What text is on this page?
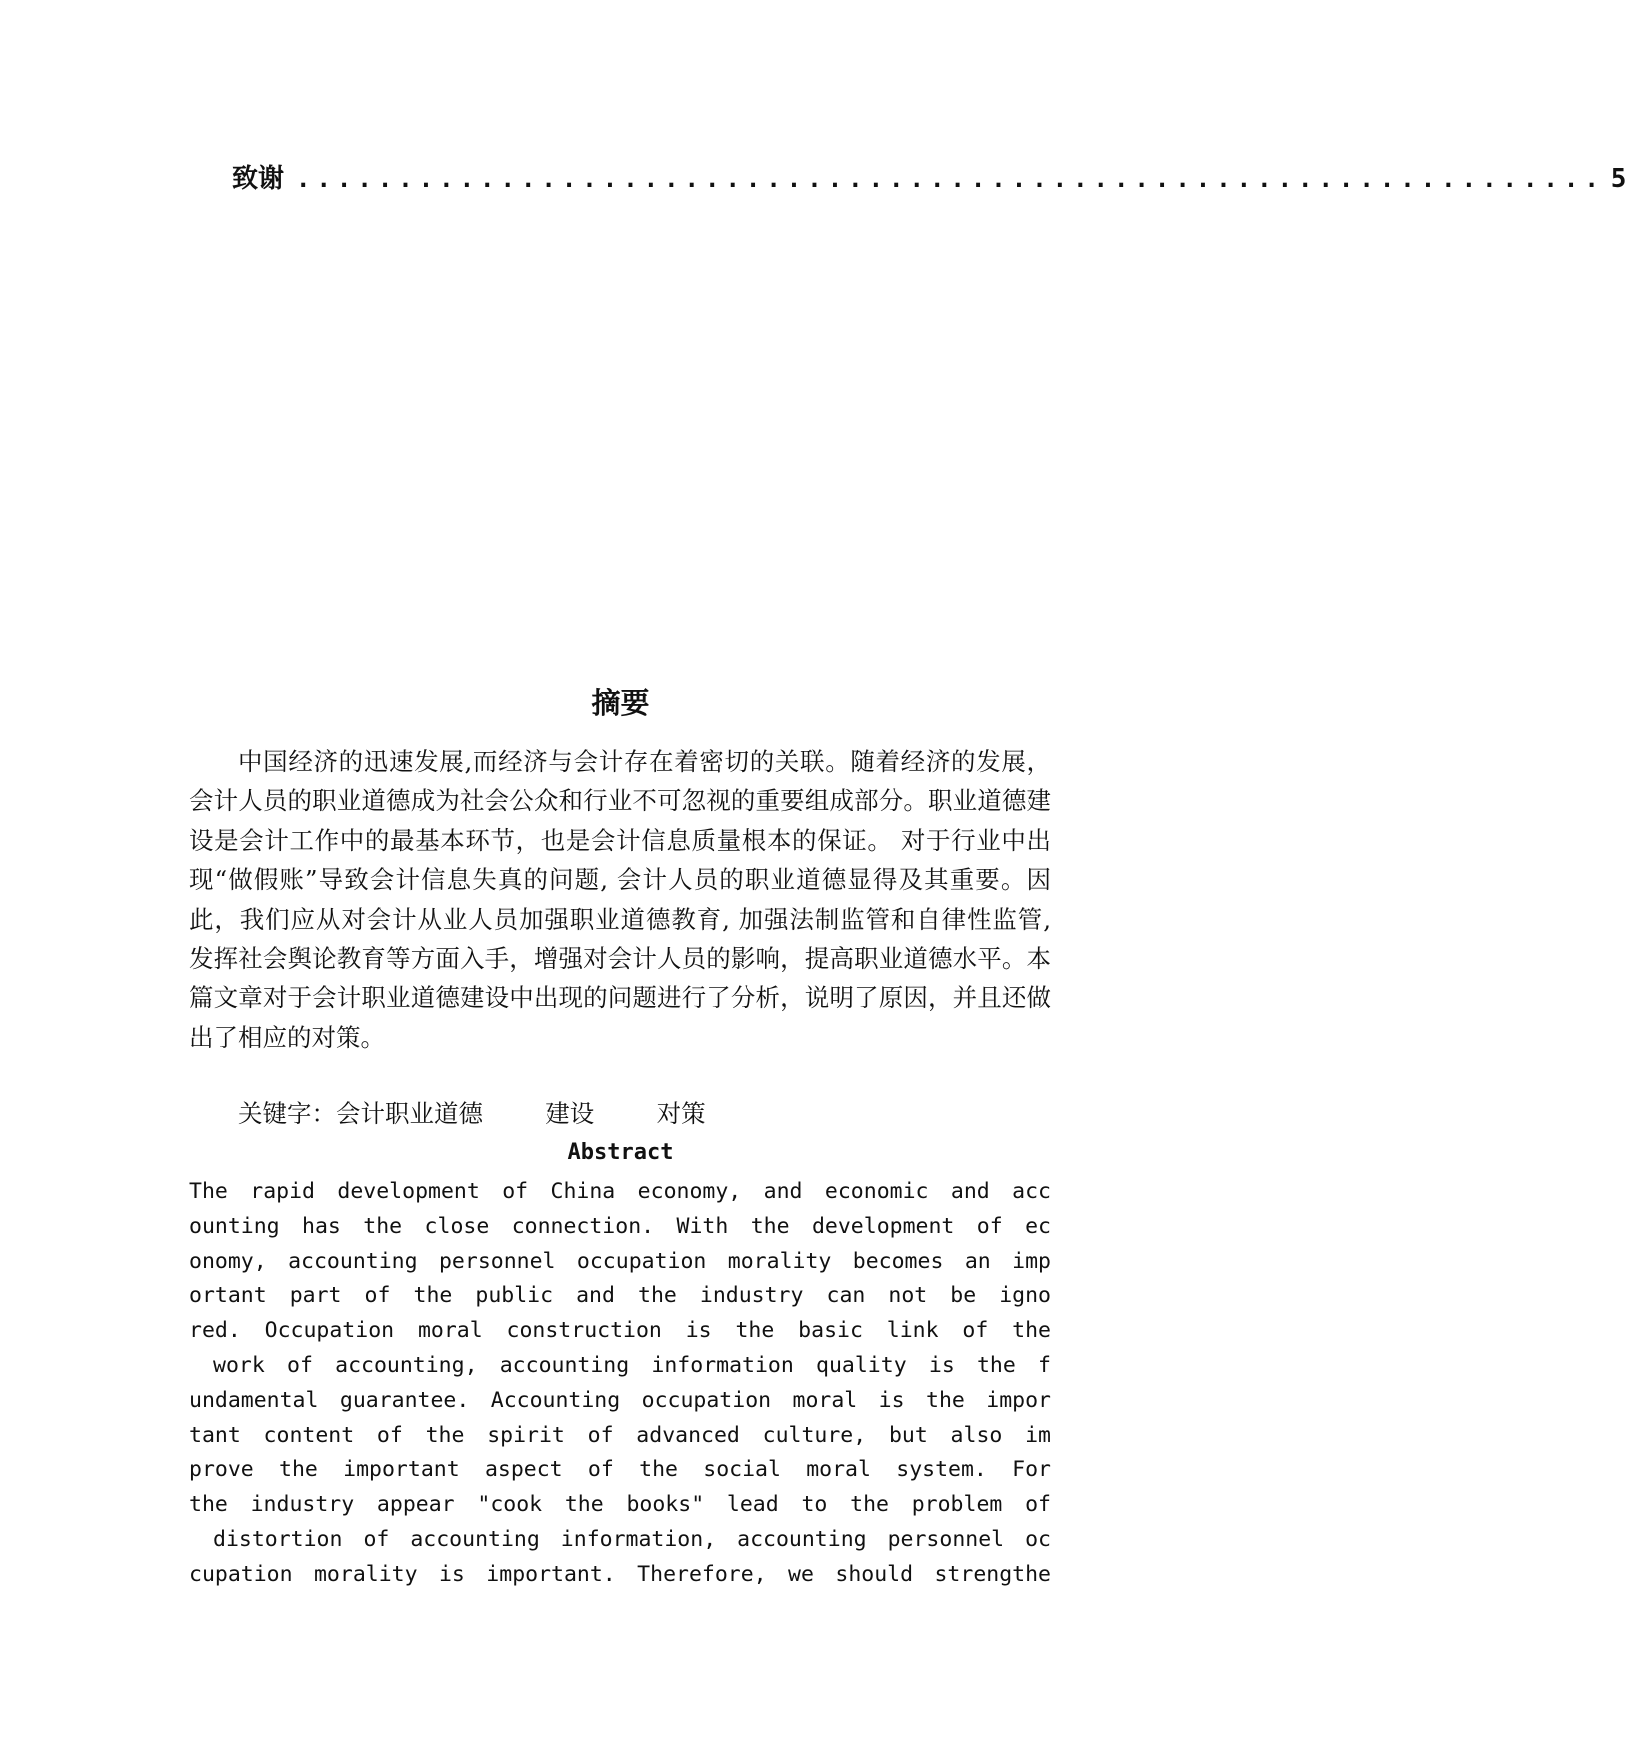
致谢 ................................................................ 5
摘要

中国经济的迅速发展,而经济与会计存在着密切的关联。随着经济的发展，会计人员的职业道德成为社会公众和行业不可忽视的重要组成部分。职业道德建设是会计工作中的最基本环节，也是会计信息质量根本的保证。 对于行业中出现“做假账”导致会计信息失真的问题, 会计人员的职业道德显得及其重要。因此，我们应从对会计从业人员加强职业道德教育, 加强法制监管和自律性监管, 发挥社会舆论教育等方面入手，增强对会计人员的影响，提高职业道德水平。本篇文章对于会计职业道德建设中出现的问题进行了分析，说明了原因，并且还做出了相应的对策。

关键字：会计职业道德        建设        对策

Abstract
The rapid development of China economy, and economic and acc
ounting has the close connection. With the development of ec
onomy, accounting personnel occupation morality becomes an imp
ortant part of the public and the industry can not be igno
red. Occupation moral construction is the basic link of the
work of accounting, accounting information quality is the f
undamental guarantee. Accounting occupation moral is the impor
tant content of the spirit of advanced culture, but also im
prove the important aspect of the social moral system. For
the industry appear "cook the books" lead to the problem of
distortion of accounting information, accounting personnel oc
cupation morality is important. Therefore, we should strengthe
